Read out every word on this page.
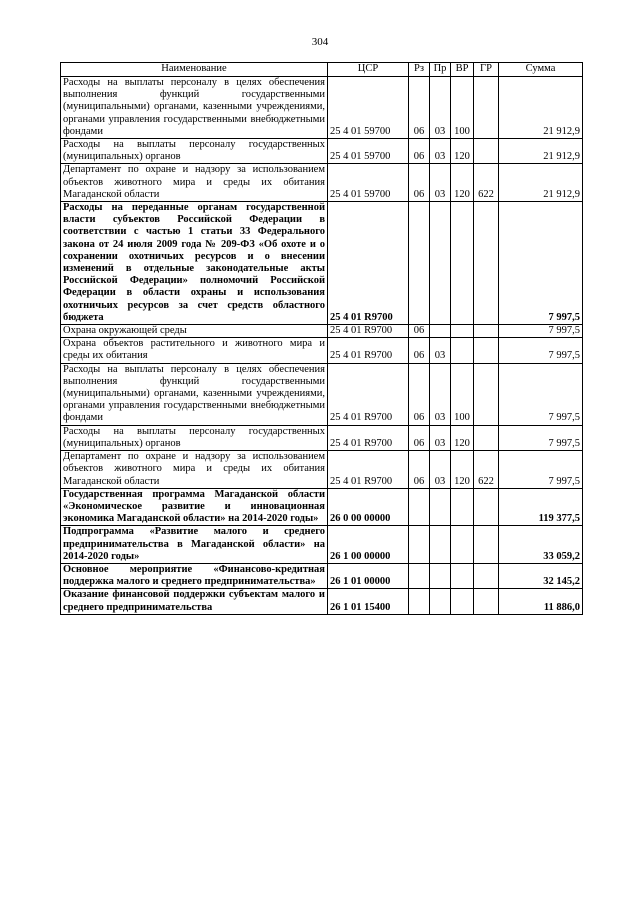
304
Наименование	ЦСР	Рз	Пр	ВР	ГР	Сумма
Расходы на выплаты персоналу в целях обеспечения выполнения функций государственными (муниципальными) органами, казенными учреждениями, органами управления государственными внебюджетными фондами	25 4 01 59700	06	03	100		21 912,9
Расходы на выплаты персоналу государственных (муниципальных) органов	25 4 01 59700	06	03	120		21 912,9
Департамент по охране и надзору за использованием объектов животного мира и среды их обитания Магаданской области	25 4 01 59700	06	03	120	622	21 912,9
Расходы на переданные органам государственной власти субъектов Российской Федерации в соответствии с частью 1 статьи 33 Федерального закона от 24 июля 2009 года № 209-ФЗ «Об охоте и о сохранении охотничьих ресурсов и о внесении изменений в отдельные законодательные акты Российской Федерации» полномочий Российской Федерации в области охраны и использования охотничьих ресурсов за счет средств областного бюджета	25 4 01 R9700					7 997,5
Охрана окружающей среды	25 4 01 R9700	06				7 997,5
Охрана объектов растительного и животного мира и среды их обитания	25 4 01 R9700	06	03			7 997,5
Расходы на выплаты персоналу в целях обеспечения выполнения функций государственными (муниципальными) органами, казенными учреждениями, органами управления государственными внебюджетными фондами	25 4 01 R9700	06	03	100		7 997,5
Расходы на выплаты персоналу государственных (муниципальных) органов	25 4 01 R9700	06	03	120		7 997,5
Департамент по охране и надзору за использованием объектов животного мира и среды их обитания Магаданской области	25 4 01 R9700	06	03	120	622	7 997,5
Государственная программа Магаданской области «Экономическое развитие и инновационная экономика Магаданской области» на 2014-2020 годы»	26 0 00 00000					119 377,5
Подпрограмма «Развитие малого и среднего предпринимательства в Магаданской области» на 2014-2020 годы»	26 1 00 00000					33 059,2
Основное мероприятие «Финансово-кредитная поддержка малого и среднего предпринимательства»	26 1 01 00000					32 145,2
Оказание финансовой поддержки субъектам малого и среднего предпринимательства	26 1 01 15400					11 886,0
